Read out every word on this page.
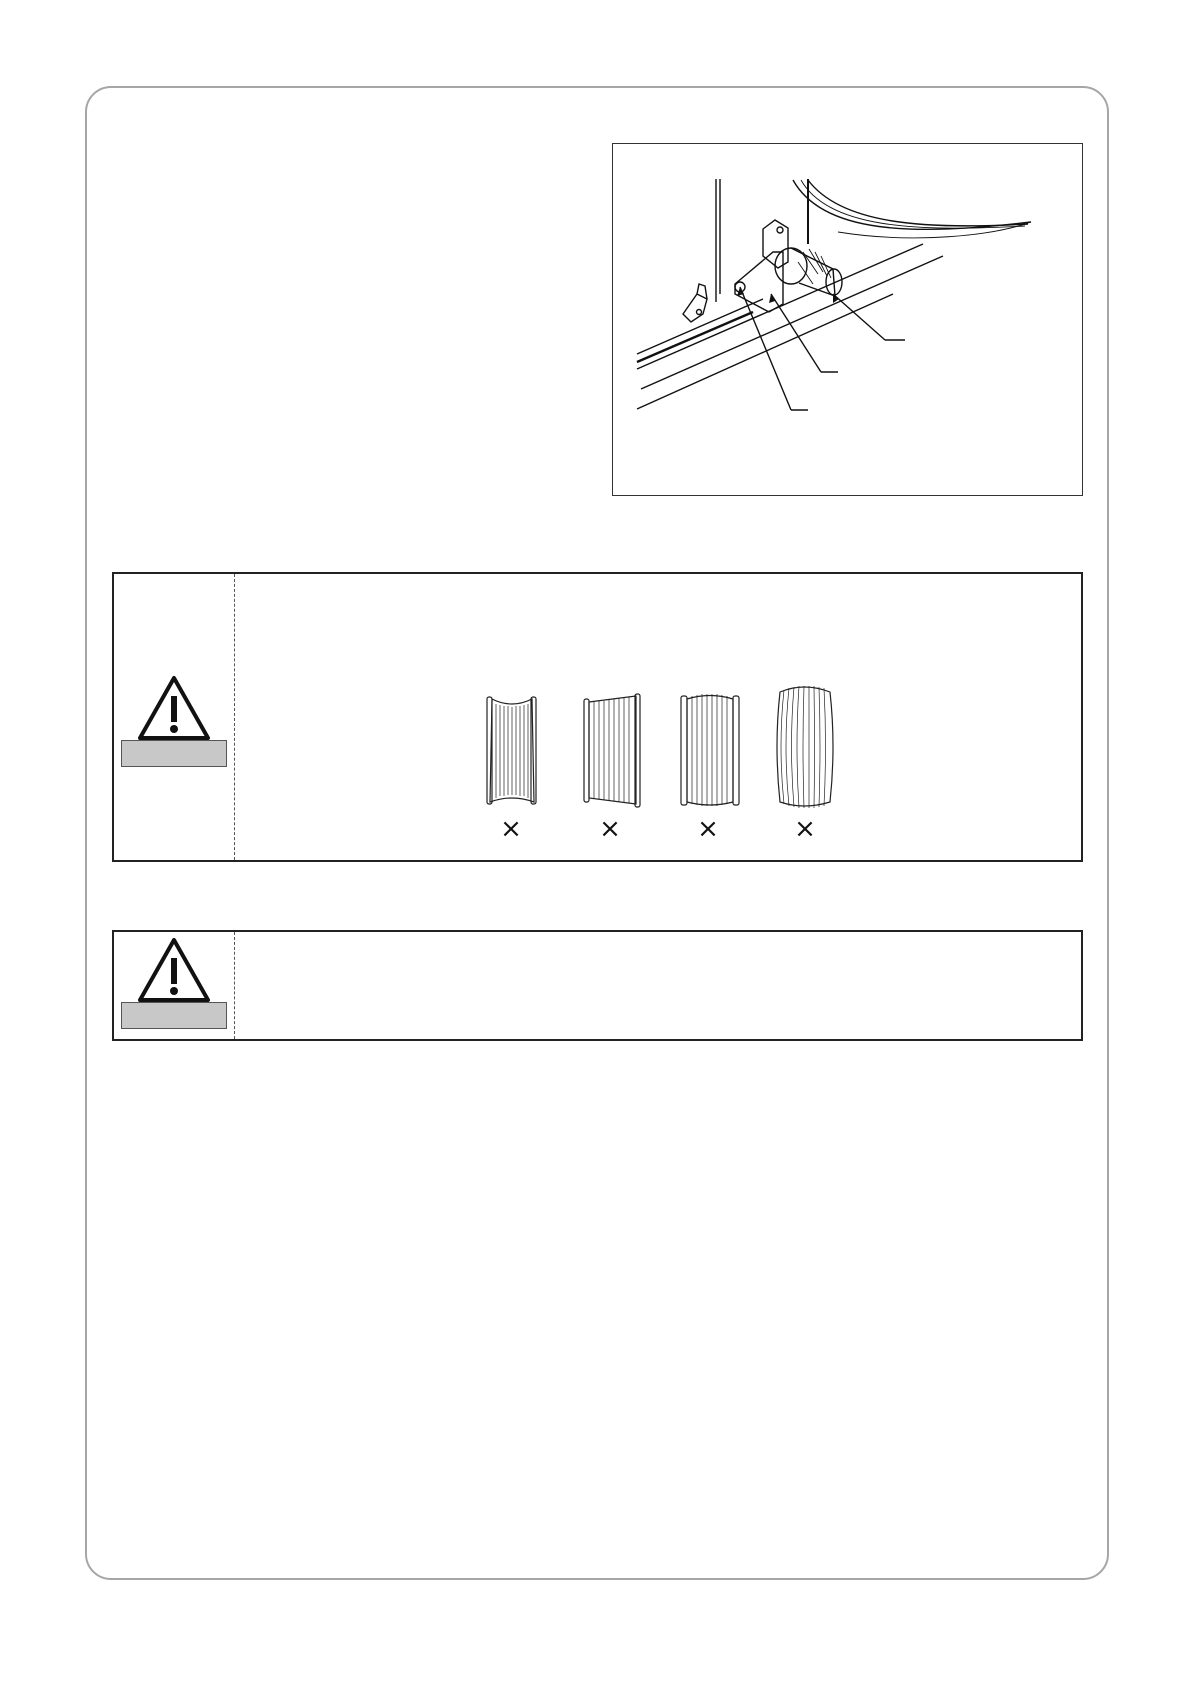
×	×	×	×
